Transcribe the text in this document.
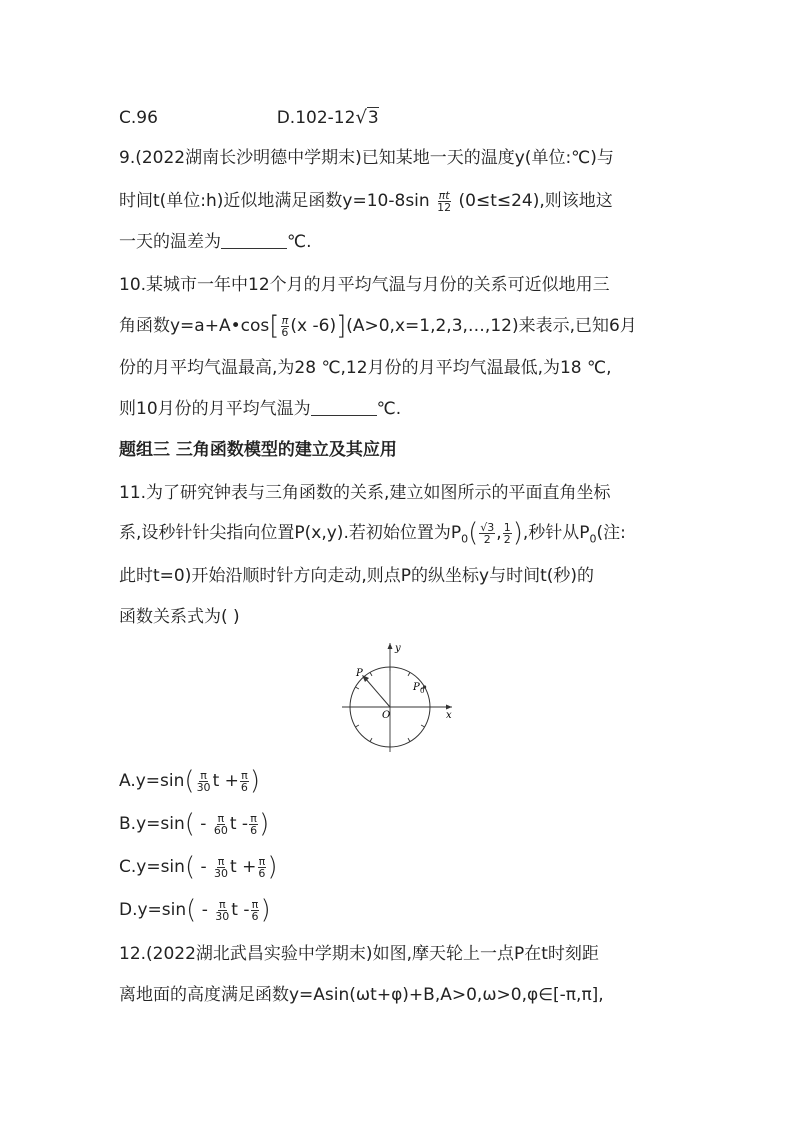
C.96	D.102-12√3
9.(2022湖南长沙明德中学期末)已知某地一天的温度y(单位:℃)与
时间t(单位:h)近似地满足函数$y=10-8\sin \frac{\pi t}{12} (0\le t\le 24)$,则该地这
一天的温差为	℃.
10.某城市一年中12个月的月平均气温与月份的关系可近似地用三
角函数y=a+A•cos[ $\frac{\pi}{6} (x$ -6)](A>0,x=1,2,3,…,12)来表示,已知6月
份的月平均气温最高,为28 ℃,12月份的月平均气温最低,为18 ℃,
则10月份的月平均气温为	℃.
题组三 三角函数模型的建立及其应用
11.为了研究钟表与三角函数的关系,建立如图所示的平面直角坐标
系,设秒针针尖指向位置P(x,y).若初始位置为$P_0( \frac{√3}{2}$ , $\frac{1}{2}$ ),秒针从$P_0$(注:
此时t=0)开始沿顺时针方向走动,则点P的纵坐标y与时间t(秒)的
函数关系式为( )
y
x
O
P
P 0
$A.y=\sin( \frac{\pi}{30}$ $t + \frac{\pi}{6}$ )
$B.y=\sin( - \frac{\pi}{60}$ t - $\frac{\pi}{6}$ )
$C.y=\sin( - \frac{\pi}{30}$ $t + \frac{\pi}{6}$ )
$D.y=\sin( - \frac{\pi}{30}$ t - $\frac{\pi}{6}$ )
12.(2022湖北武昌实验中学期末)如图,摩天轮上一点P在t时刻距
离地面的高度满足函数y=Asin(ωt+φ)+B,A>0,ω>0,φ∈[-π,π],
